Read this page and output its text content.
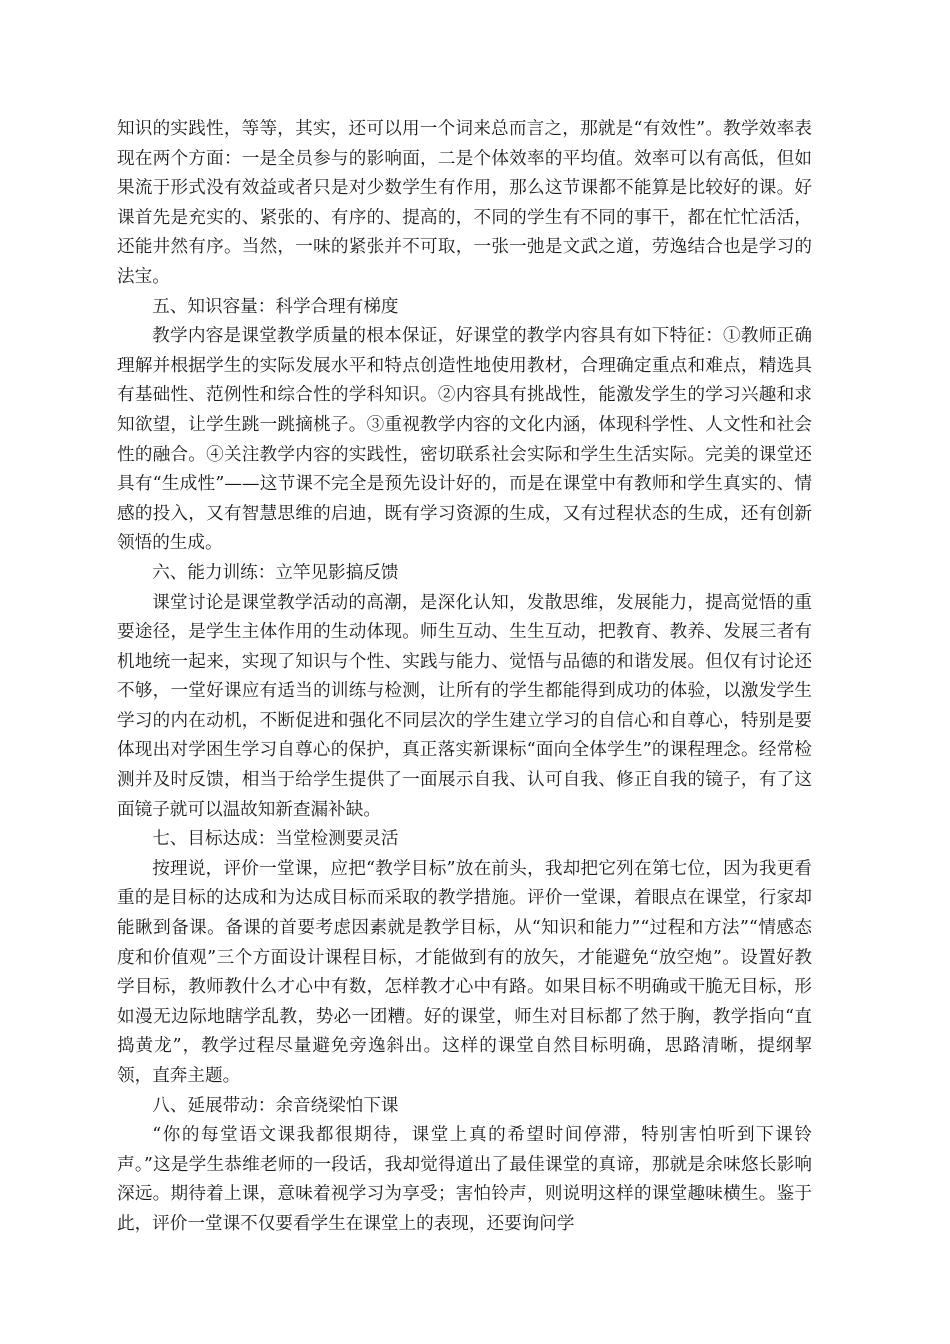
知识的实践性，等等，其实，还可以用一个词来总而言之，那就是“有效性”。教学效率表现在两个方面：一是全员参与的影响面，二是个体效率的平均值。效率可以有高低，但如果流于形式没有效益或者只是对少数学生有作用，那么这节课都不能算是比较好的课。好课首先是充实的、紧张的、有序的、提高的，不同的学生有不同的事干，都在忙忙活活，还能井然有序。当然，一味的紧张并不可取，一张一弛是文武之道，劳逸结合也是学习的法宝。

五、知识容量：科学合理有梯度

教学内容是课堂教学质量的根本保证，好课堂的教学内容具有如下特征：①教师正确理解并根据学生的实际发展水平和特点创造性地使用教材，合理确定重点和难点，精选具有基础性、范例性和综合性的学科知识。②内容具有挑战性，能激发学生的学习兴趣和求知欲望，让学生跳一跳摘桃子。③重视教学内容的文化内涵，体现科学性、人文性和社会性的融合。④关注教学内容的实践性，密切联系社会实际和学生生活实际。完美的课堂还具有“生成性”——这节课不完全是预先设计好的，而是在课堂中有教师和学生真实的、情感的投入，又有智慧思维的启迪，既有学习资源的生成，又有过程状态的生成，还有创新领悟的生成。

六、能力训练：立竿见影搞反馈

课堂讨论是课堂教学活动的高潮，是深化认知，发散思维，发展能力，提高觉悟的重要途径，是学生主体作用的生动体现。师生互动、生生互动，把教育、教养、发展三者有机地统一起来，实现了知识与个性、实践与能力、觉悟与品德的和谐发展。但仅有讨论还不够，一堂好课应有适当的训练与检测，让所有的学生都能得到成功的体验，以激发学生学习的内在动机，不断促进和强化不同层次的学生建立学习的自信心和自尊心，特别是要体现出对学困生学习自尊心的保护，真正落实新课标“面向全体学生”的课程理念。经常检测并及时反馈，相当于给学生提供了一面展示自我、认可自我、修正自我的镜子，有了这面镜子就可以温故知新查漏补缺。

七、目标达成：当堂检测要灵活

按理说，评价一堂课，应把“教学目标”放在前头，我却把它列在第七位，因为我更看重的是目标的达成和为达成目标而采取的教学措施。评价一堂课，着眼点在课堂，行家却能瞅到备课。备课的首要考虑因素就是教学目标，从“知识和能力”“过程和方法”“情感态度和价值观”三个方面设计课程目标，才能做到有的放矢，才能避免“放空炮”。设置好教学目标，教师教什么才心中有数，怎样教才心中有路。如果目标不明确或干脆无目标，形如漫无边际地瞎学乱教，势必一团糟。好的课堂，师生对目标都了然于胸，教学指向“直捣黄龙”，教学过程尽量避免旁逸斜出。这样的课堂自然目标明确，思路清晰，提纲挈领，直奔主题。

八、延展带动：余音绕梁怕下课

“你的每堂语文课我都很期待，课堂上真的希望时间停滞，特别害怕听到下课铃声。”这是学生恭维老师的一段话，我却觉得道出了最佳课堂的真谛，那就是余味悠长影响深远。期待着上课，意味着视学习为享受；害怕铃声，则说明这样的课堂趣味横生。鉴于此，评价一堂课不仅要看学生在课堂上的表现，还要询问学
